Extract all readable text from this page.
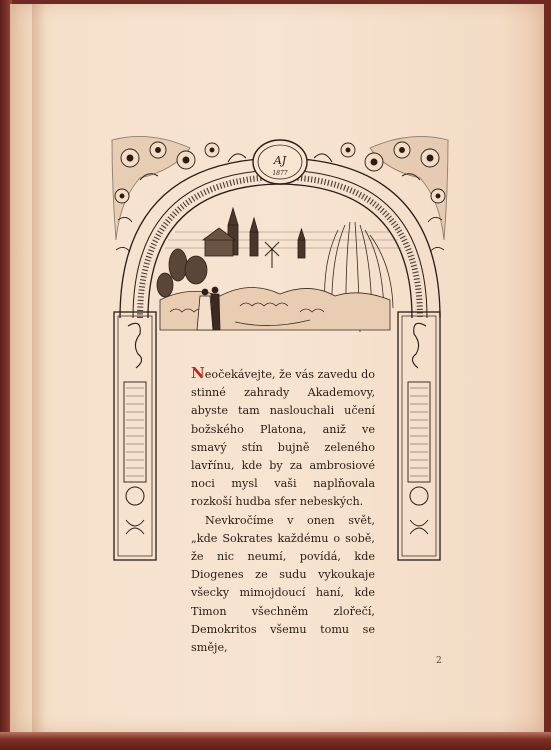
AJ
1877

Neočekávejte, že vás zavedu do stinné zahrady Akademovy, abyste tam naslouchali učení božského Platona, aniž ve smavý stín bujně zeleného lavřínu, kde by za ambrosiové noci mysl vaši naplňovala rozkoší hudba sfer nebeských.

Nevkročíme v onen svět, „kde Sokrates každému o sobě, že nic neumí, povídá, kde Diogenes ze sudu vykoukaje všecky mimojdoucí haní, kde Timon všechněm zlořečí, Demokritos všemu tomu se směje,

2
